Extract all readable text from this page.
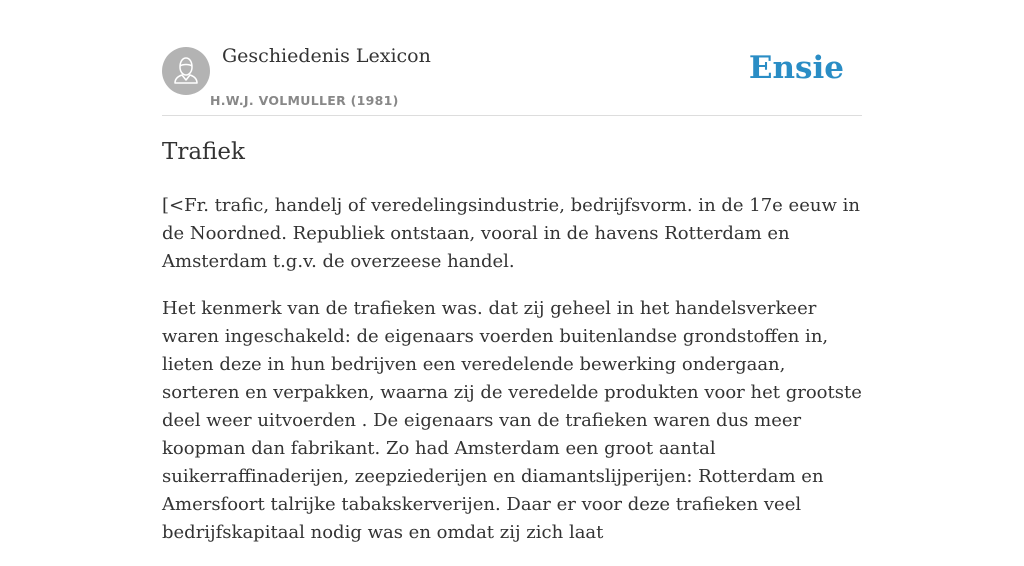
Geschiedenis Lexicon
H.W.J. VOLMULLER (1981)
Ensie
Trafiek

[<Fr. trafic, handelj of veredelingsindustrie, bedrijfsvorm. in de 17e eeuw in de Noordned. Republiek ontstaan, vooral in de havens Rotterdam en Amsterdam t.g.v. de overzeese handel.

Het kenmerk van de trafieken was. dat zij geheel in het handelsverkeer waren ingeschakeld: de eigenaars voerden buitenlandse grondstoffen in, lieten deze in hun bedrijven een veredelende bewerking ondergaan, sorteren en verpakken, waarna zij de veredelde produkten voor het grootste deel weer uitvoerden . De eigenaars van de trafieken waren dus meer koopman dan fabrikant. Zo had Amsterdam een groot aantal suikerraffinaderijen, zeepziederijen en diamantslijperijen: Rotterdam en Amersfoort talrijke tabakskerverijen. Daar er voor deze trafieken veel bedrijfskapitaal nodig was en omdat zij zich laat
